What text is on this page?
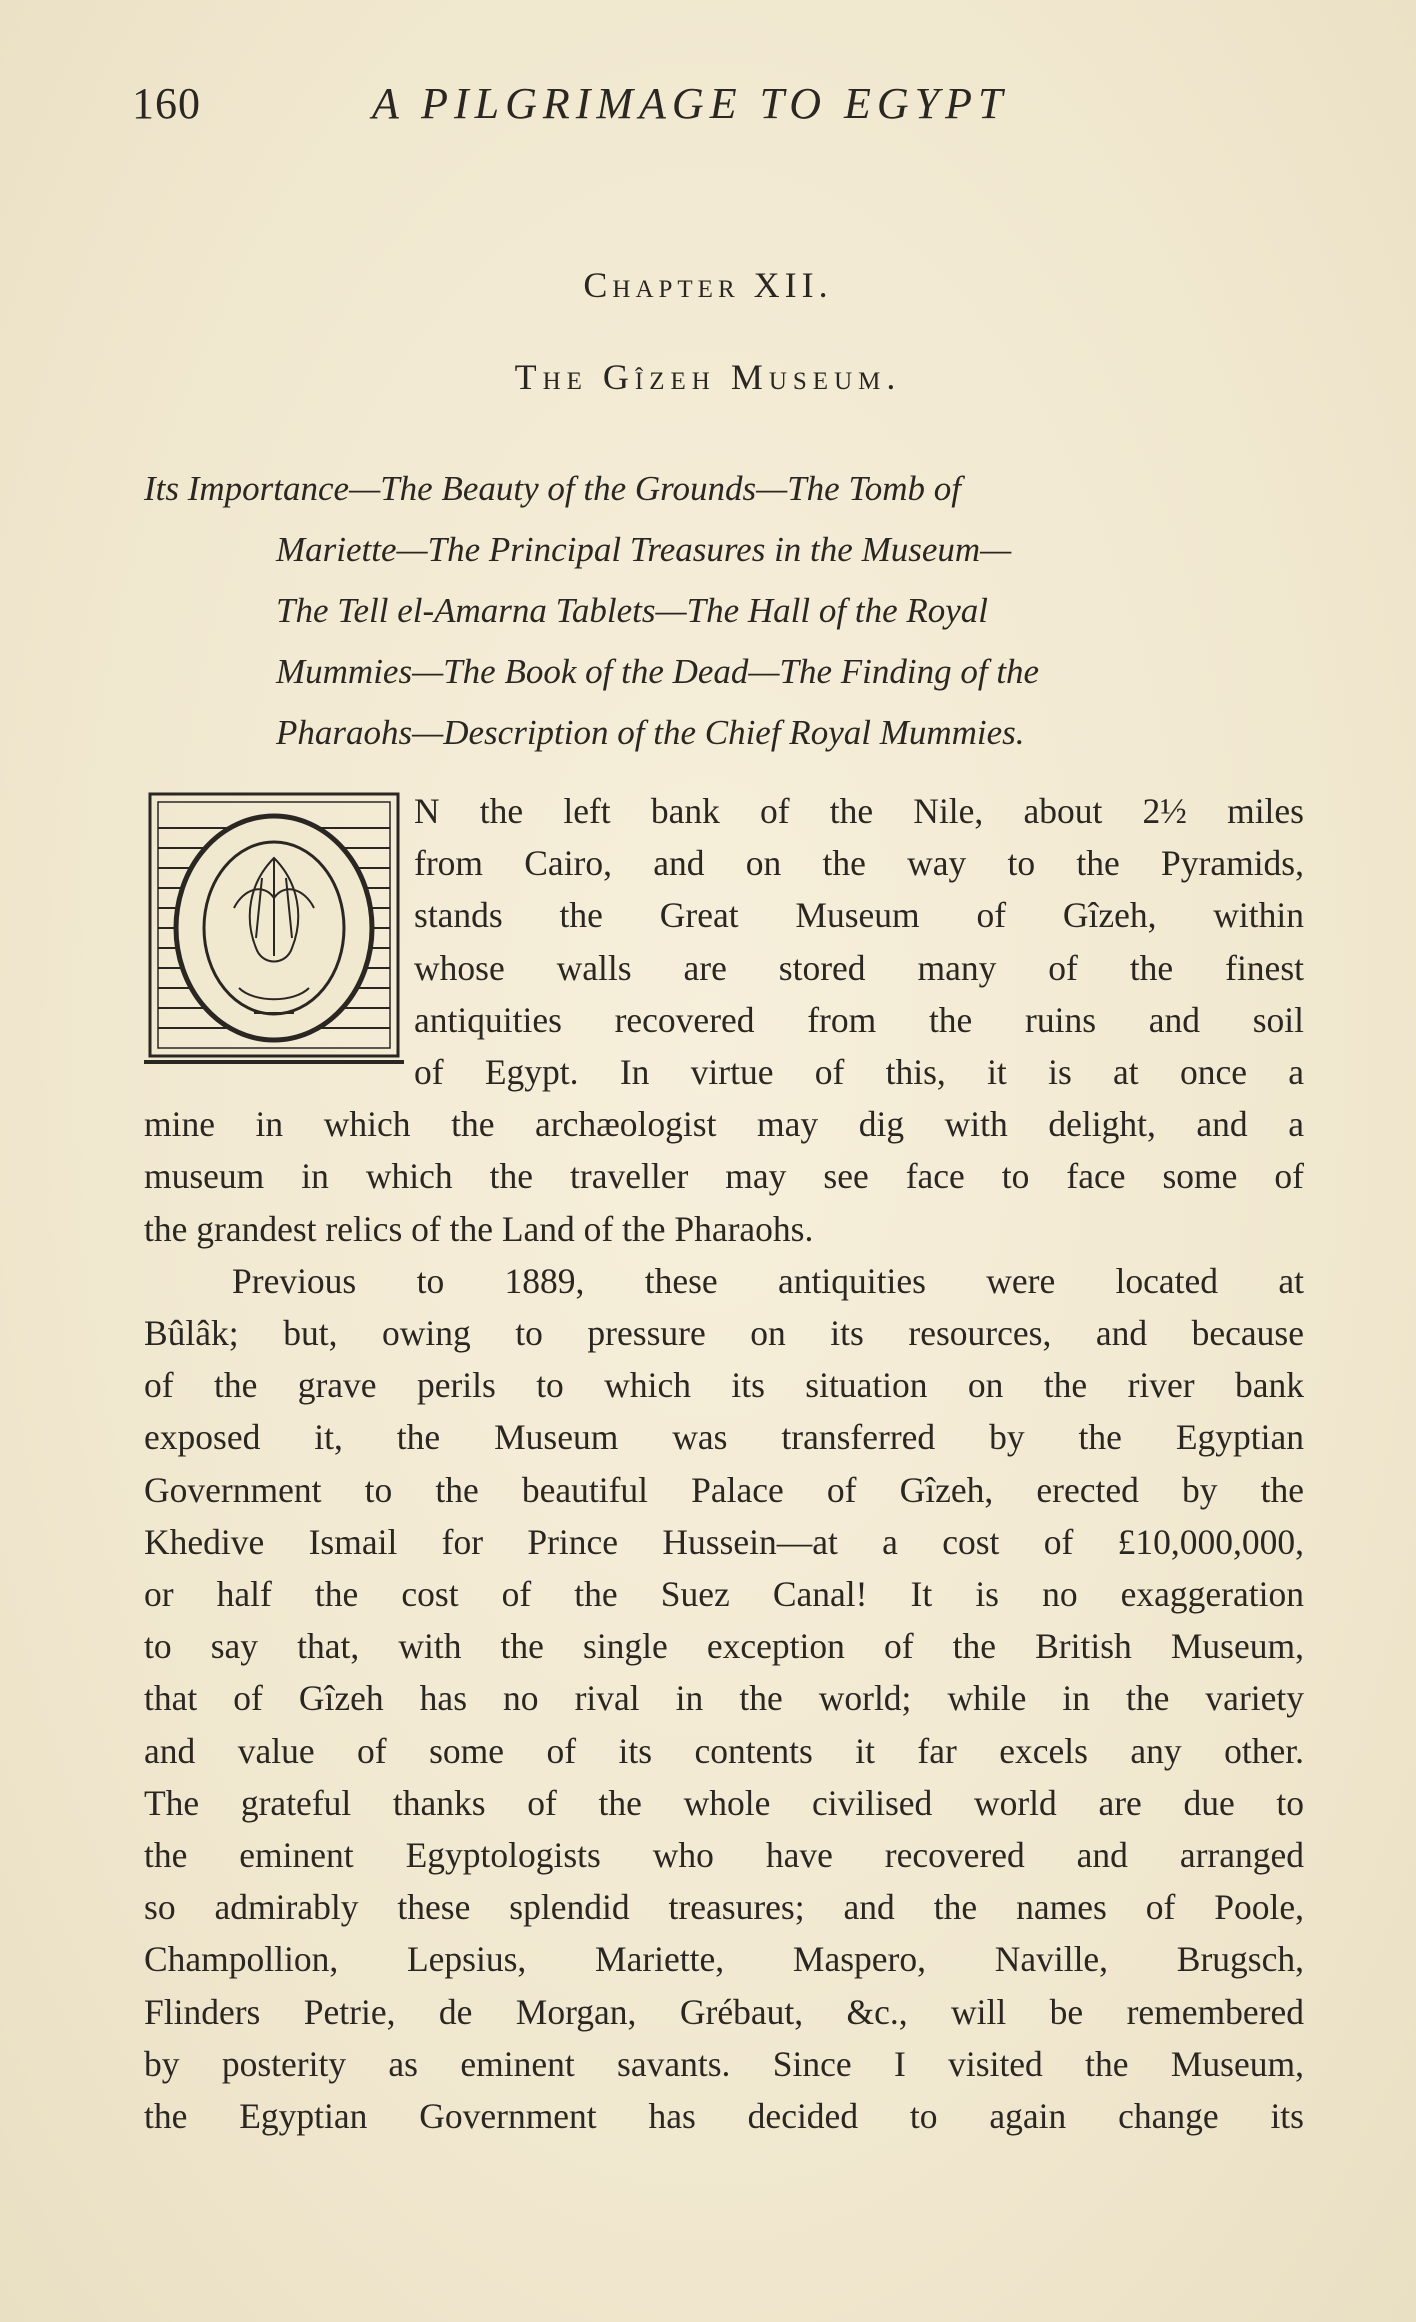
160	A PILGRIMAGE TO EGYPT
Chapter XII.
The Gîzeh Museum.
Its Importance—The Beauty of the Grounds—The Tomb of
Mariette—The Principal Treasures in the Museum—
The Tell el-Amarna Tablets—The Hall of the Royal
Mummies—The Book of the Dead—The Finding of the
Pharaohs—Description of the Chief Royal Mummies.
N the left bank of the Nile, about 2½ miles
from Cairo, and on the way to the Pyramids,
stands the Great Museum of Gîzeh, within
whose walls are stored many of the finest
antiquities recovered from the ruins and soil
of Egypt. In virtue of this, it is at once a
mine in which the archæologist may dig with delight, and a
museum in which the traveller may see face to face some of
the grandest relics of the Land of the Pharaohs.
Previous to 1889, these antiquities were located at
Bûlâk; but, owing to pressure on its resources, and because
of the grave perils to which its situation on the river bank
exposed it, the Museum was transferred by the Egyptian
Government to the beautiful Palace of Gîzeh, erected by the
Khedive Ismail for Prince Hussein—at a cost of £10,000,000,
or half the cost of the Suez Canal! It is no exaggeration
to say that, with the single exception of the British Museum,
that of Gîzeh has no rival in the world; while in the variety
and value of some of its contents it far excels any other.
The grateful thanks of the whole civilised world are due to
the eminent Egyptologists who have recovered and arranged
so admirably these splendid treasures; and the names of Poole,
Champollion, Lepsius, Mariette, Maspero, Naville, Brugsch,
Flinders Petrie, de Morgan, Grébaut, &c., will be remembered
by posterity as eminent savants. Since I visited the Museum,
the Egyptian Government has decided to again change its
